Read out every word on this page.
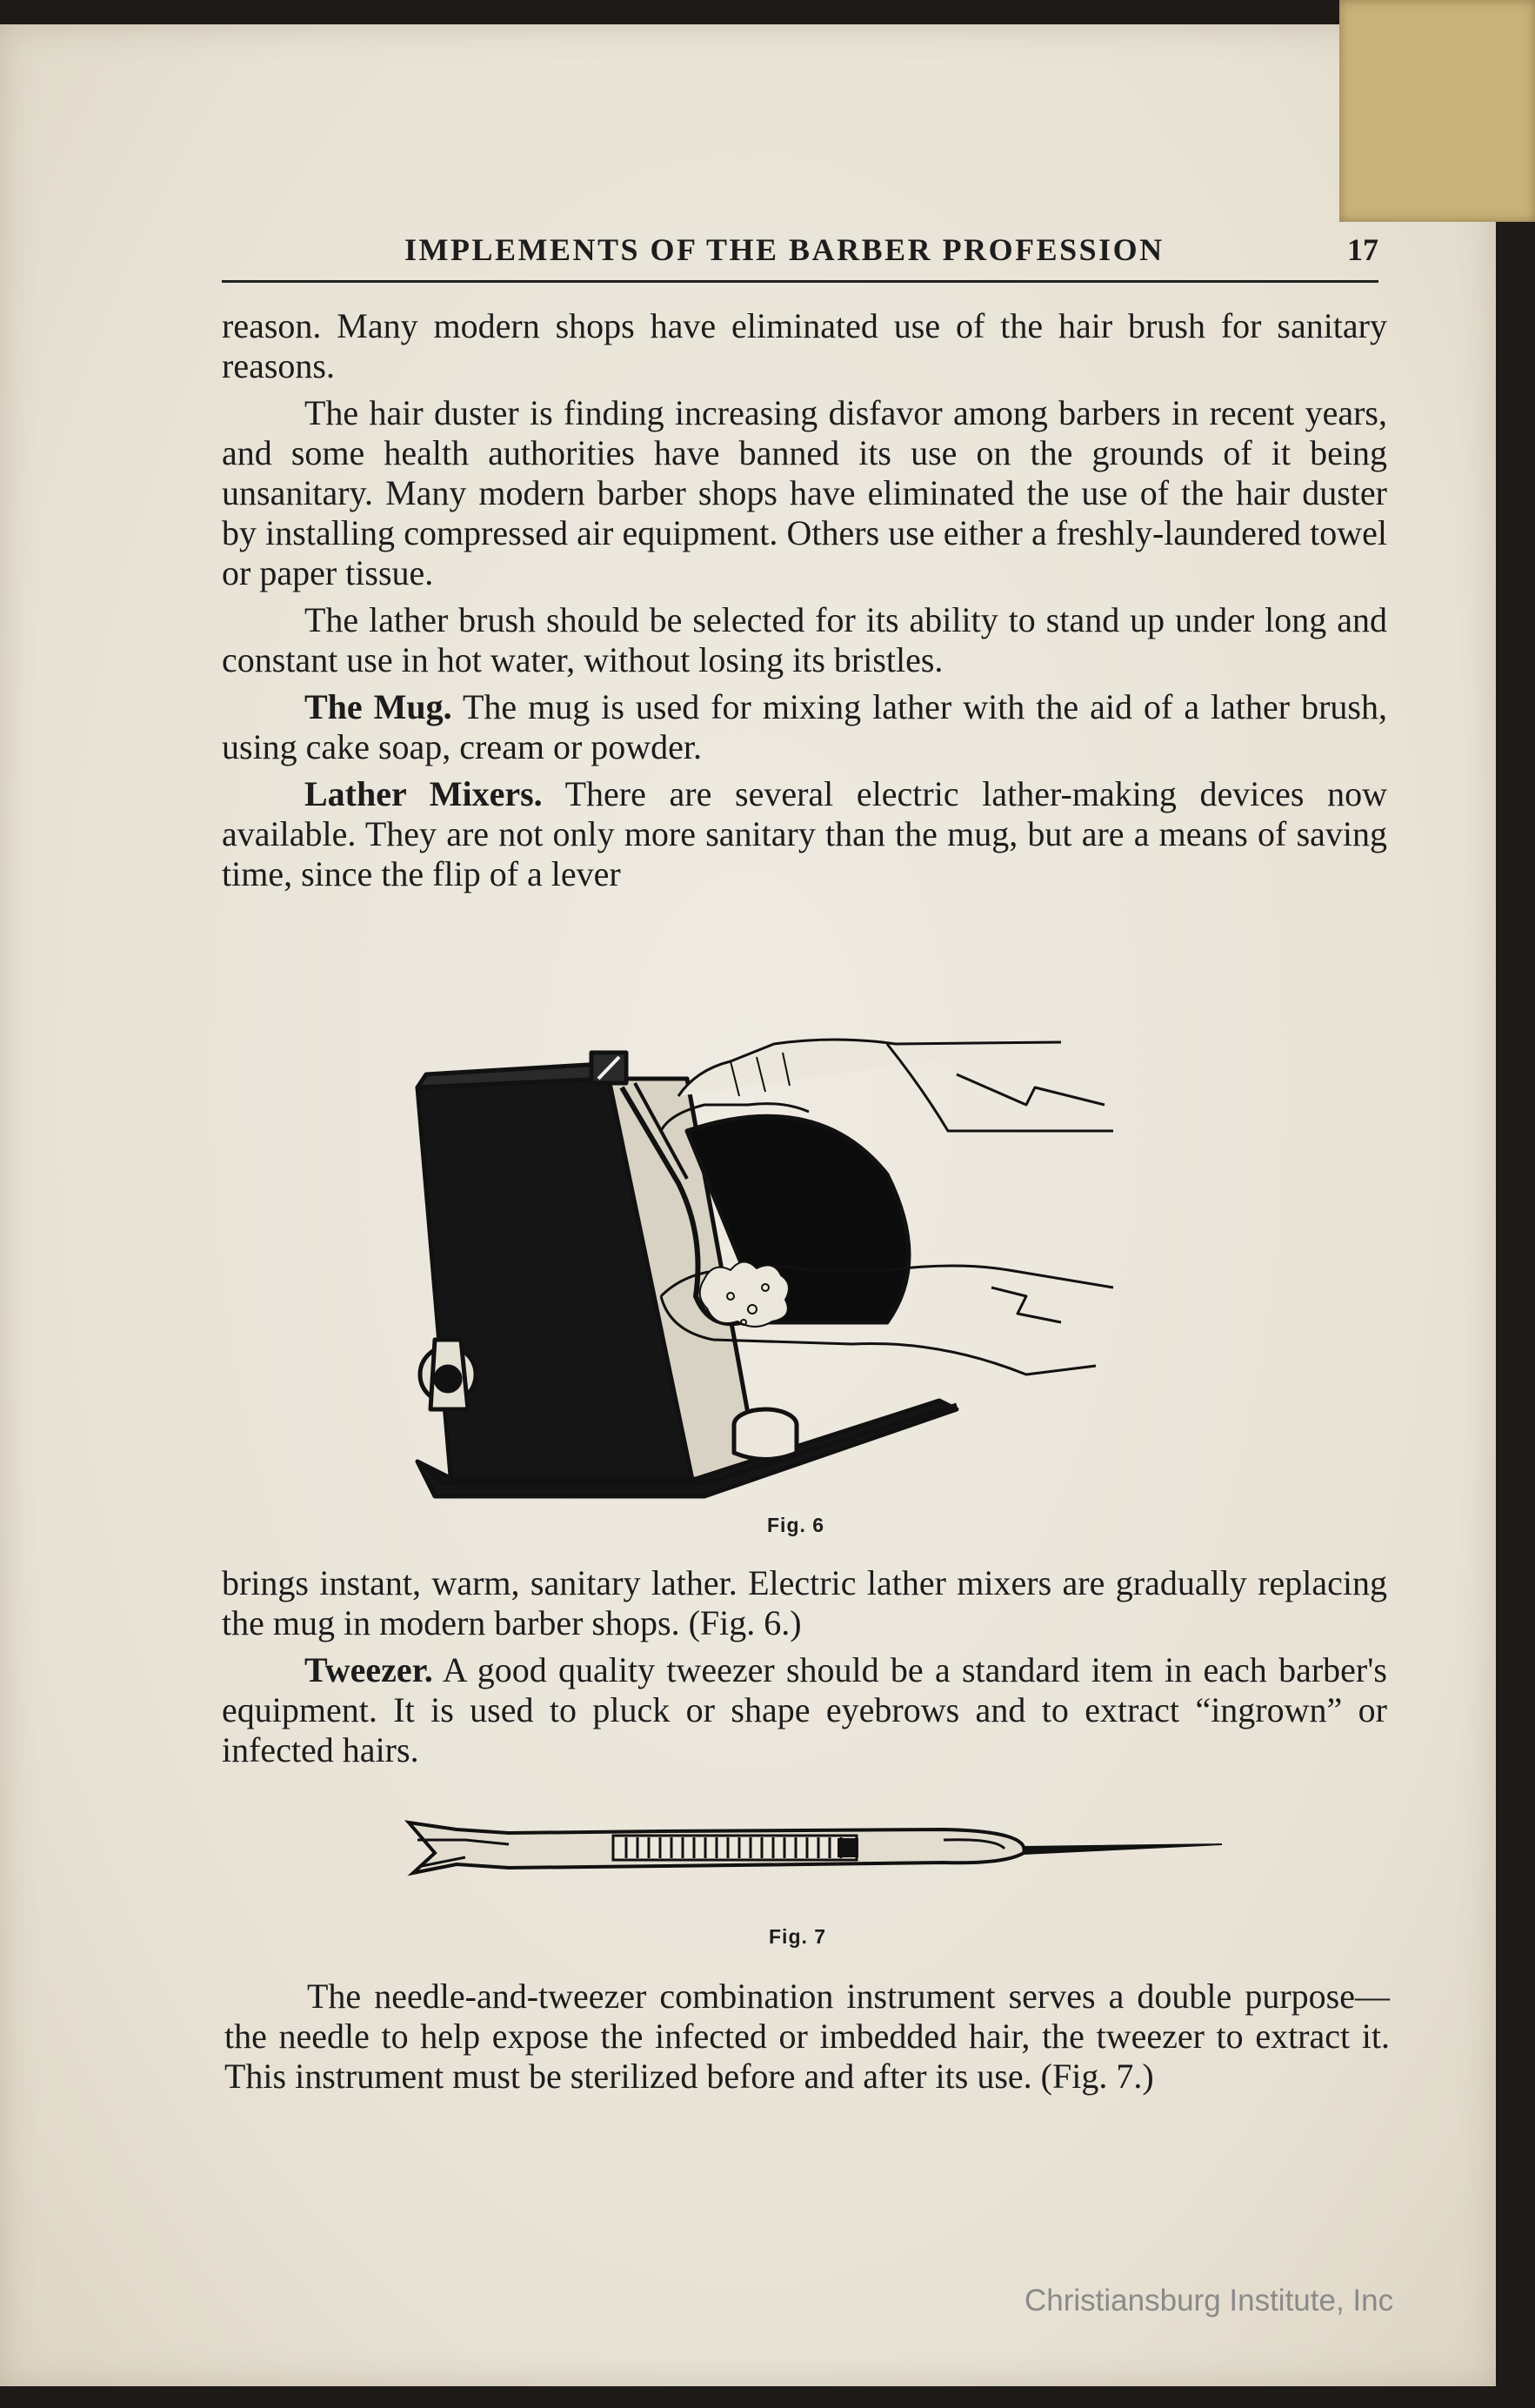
IMPLEMENTS OF THE BARBER PROFESSION	17

reason. Many modern shops have eliminated use of the hair brush for sanitary reasons.

The hair duster is finding increasing disfavor among barbers in recent years, and some health authorities have banned its use on the grounds of it being unsanitary. Many modern barber shops have eliminated the use of the hair duster by installing compressed air equipment. Others use either a freshly-laundered towel or paper tissue.

The lather brush should be selected for its ability to stand up under long and constant use in hot water, without losing its bristles.

The Mug. The mug is used for mixing lather with the aid of a lather brush, using cake soap, cream or powder.

Lather Mixers. There are several electric lather-making devices now available. They are not only more sanitary than the mug, but are a means of saving time, since the flip of a lever

Fig. 6

brings instant, warm, sanitary lather. Electric lather mixers are gradually replacing the mug in modern barber shops. (Fig. 6.)

Tweezer. A good quality tweezer should be a standard item in each barber's equipment. It is used to pluck or shape eyebrows and to extract “ingrown” or infected hairs.

Fig. 7

The needle-and-tweezer combination instrument serves a double purpose—the needle to help expose the infected or imbedded hair, the tweezer to extract it. This instrument must be sterilized before and after its use. (Fig. 7.)

Christiansburg Institute, Inc
